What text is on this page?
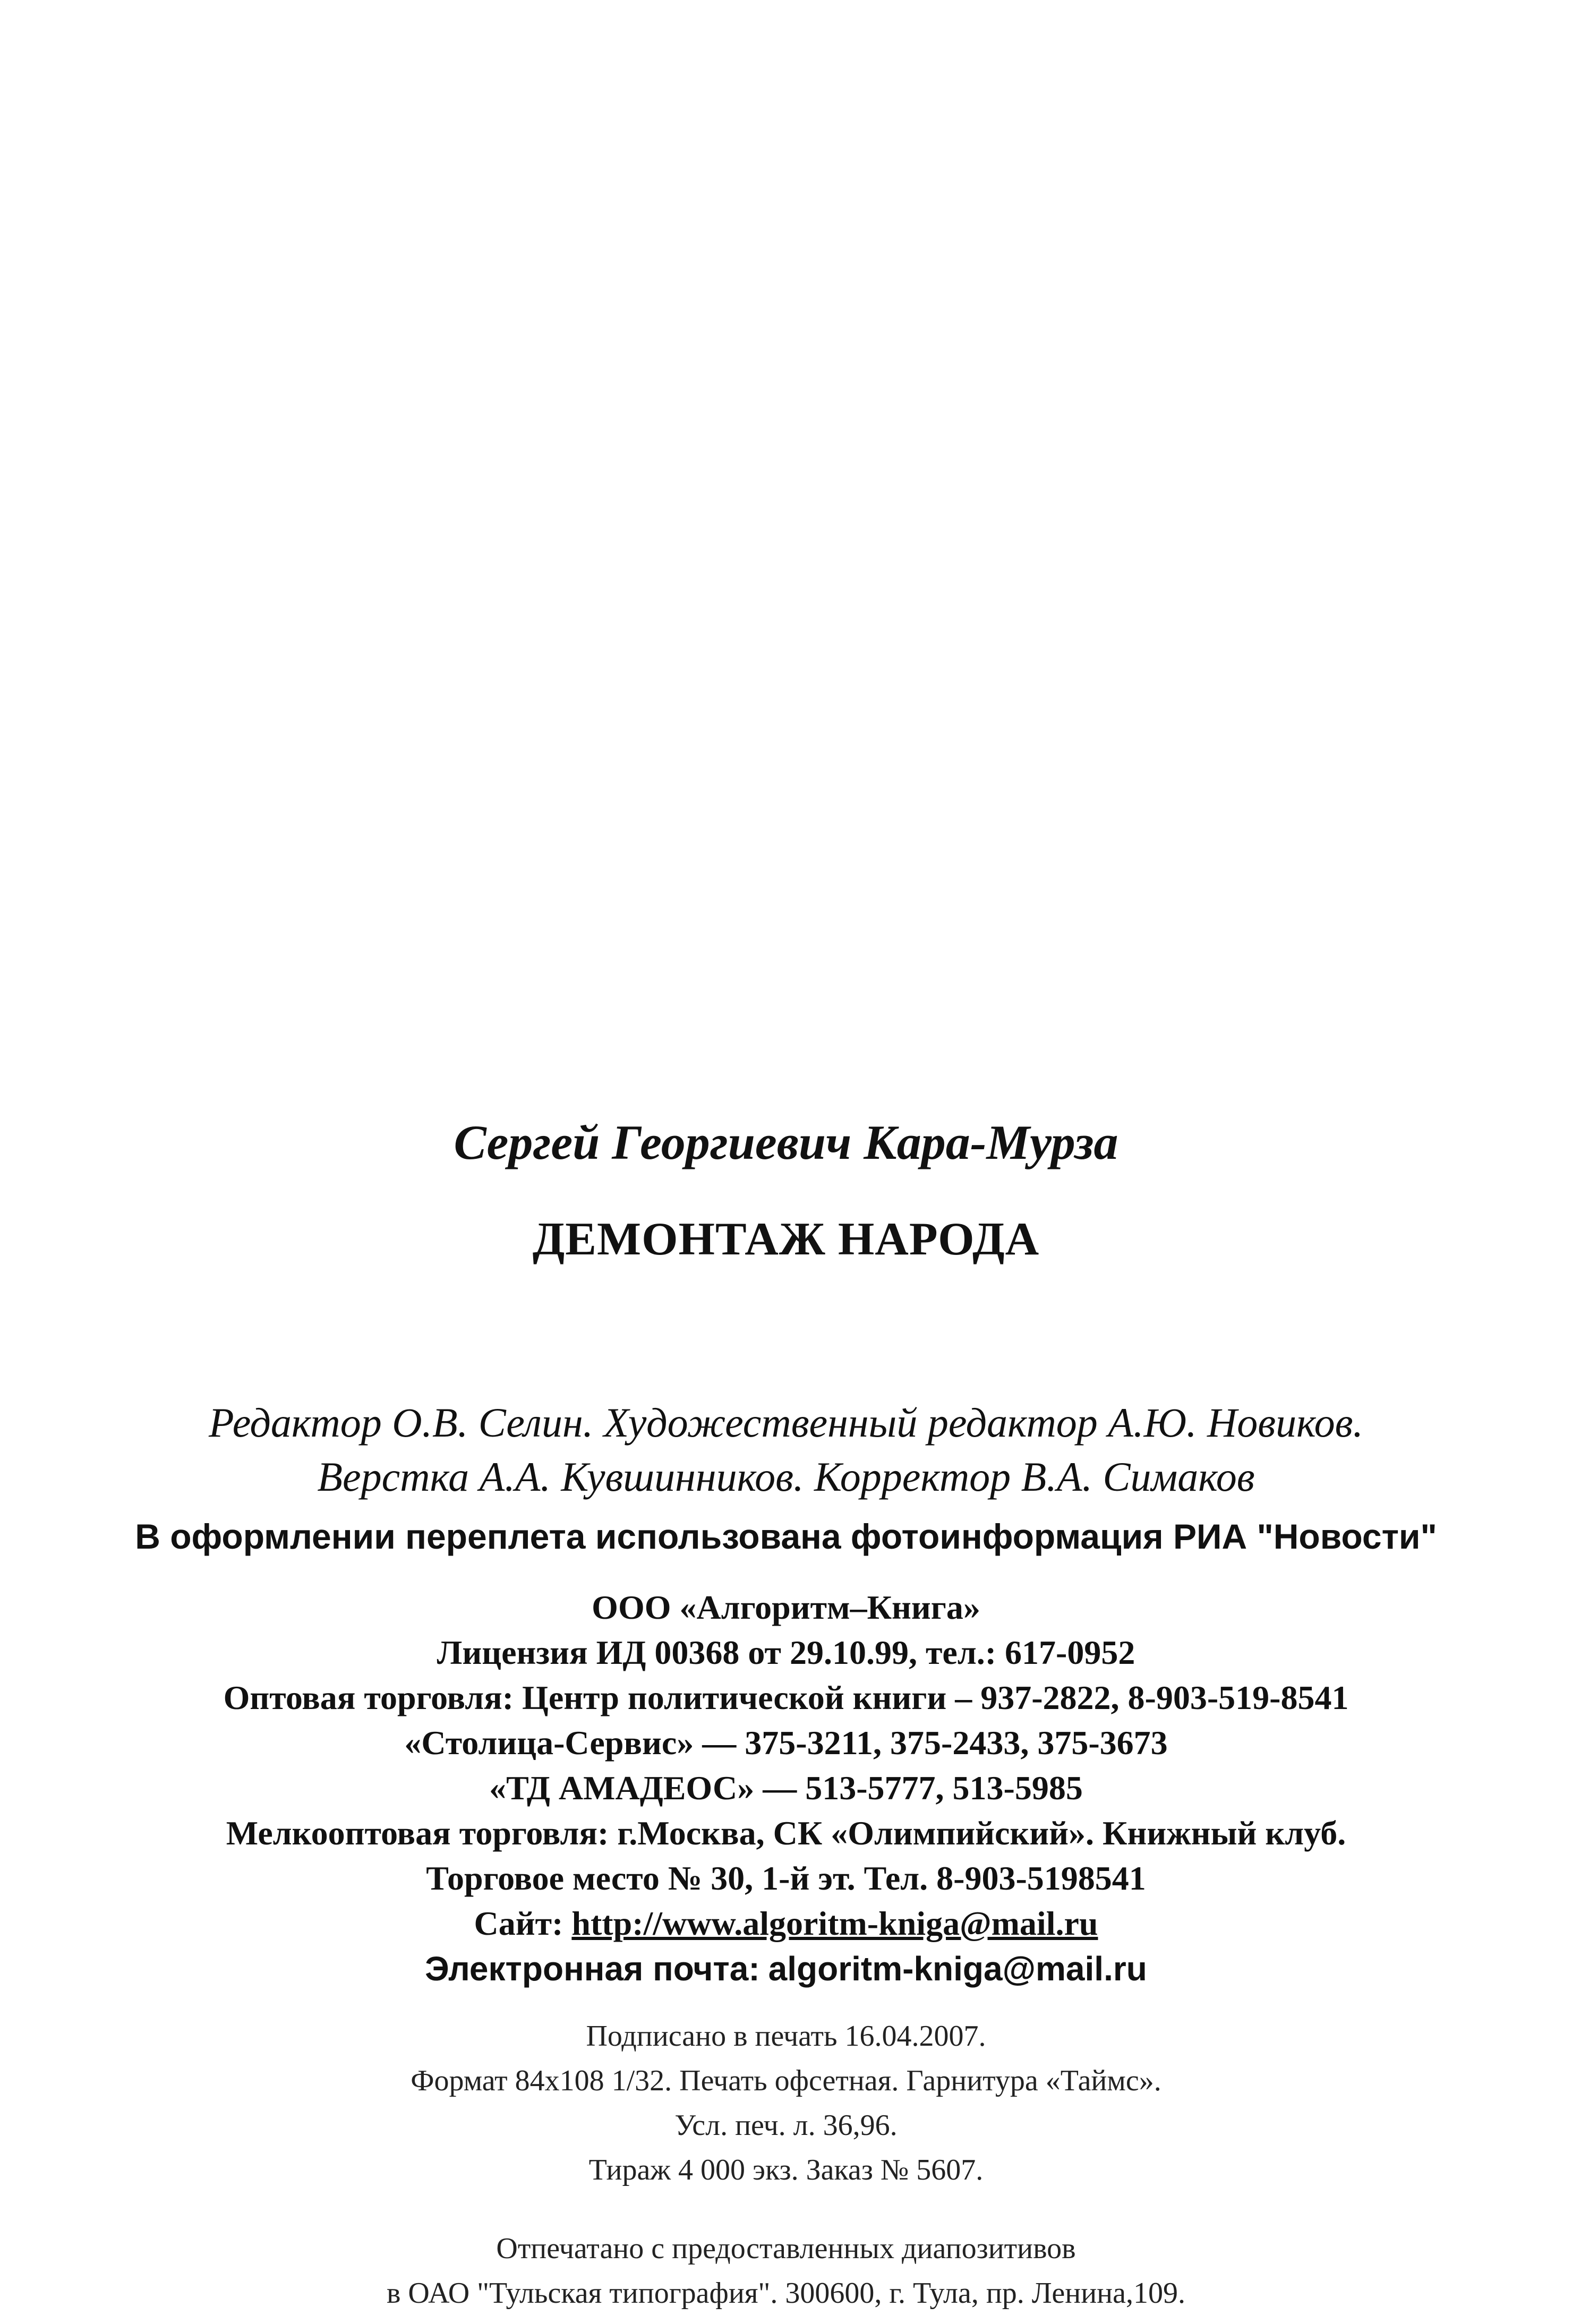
Сергей Георгиевич Кара-Мурза
ДЕМОНТАЖ НАРОДА
Редактор О.В. Селин. Художественный редактор А.Ю. Новиков.
Верстка А.А. Кувшинников. Корректор В.А. Симаков
В оформлении переплета использована фотоинформация РИА "Новости"
ООО «Алгоритм–Книга»
Лицензия ИД 00368 от 29.10.99, тел.: 617-0952
Оптовая торговля: Центр политической книги – 937-2822, 8-903-519-8541
«Столица-Сервис» — 375-3211, 375-2433, 375-3673
«ТД АМАДЕОС» — 513-5777, 513-5985
Мелкооптовая торговля: г.Москва, СК «Олимпийский». Книжный клуб.
Торговое место № 30, 1-й эт. Тел. 8-903-5198541
Сайт: http://www.algoritm-kniga@mail.ru
Электронная почта: algoritm-kniga@mail.ru
Подписано в печать 16.04.2007.
Формат 84x108 1/32. Печать офсетная. Гарнитура «Таймс».
Усл. печ. л. 36,96.
Тираж 4 000 экз. Заказ № 5607.
Отпечатано с предоставленных диапозитивов
в ОАО "Тульская типография". 300600, г. Тула, пр. Ленина,109.
